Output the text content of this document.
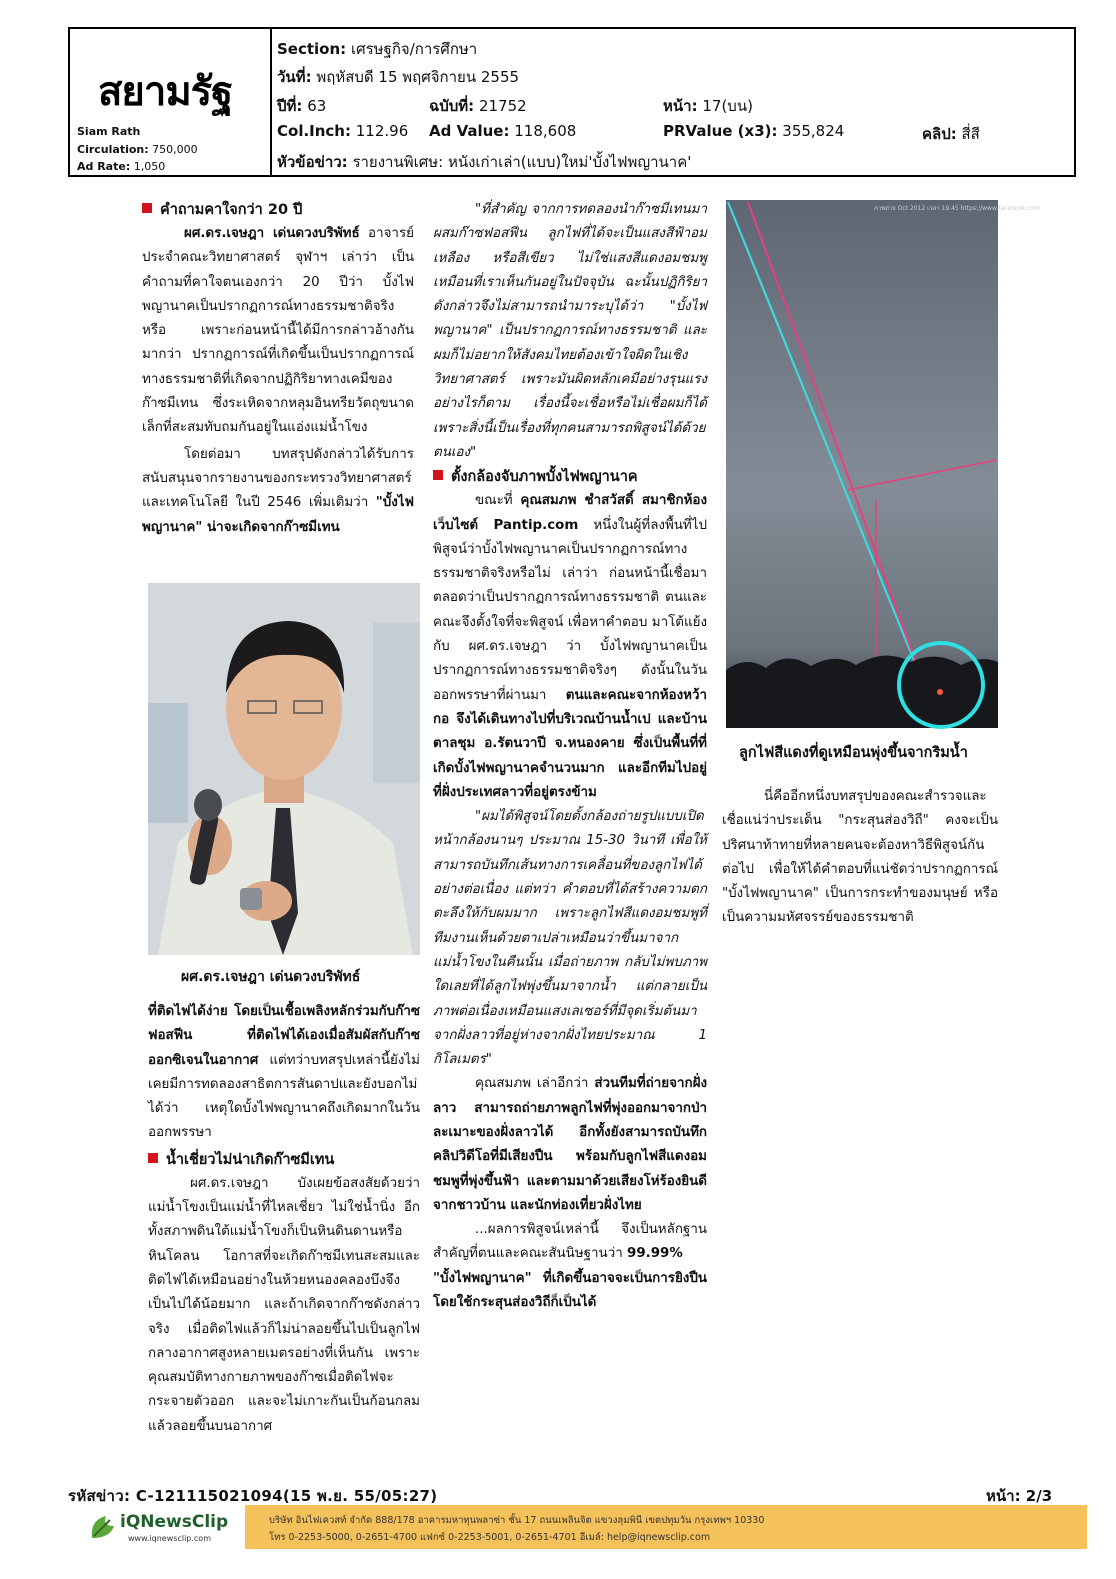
สยามรัฐ
Siam Rath
Circulation: 750,000
Ad Rate: 1,050
Section: เศรษฐกิจ/การศึกษา
วันที่: พฤหัสบดี 15 พฤศจิกายน 2555
ปีที่: 63	ฉบับที่: 21752	หน้า: 17(บน)
Col.Inch: 112.96 Ad Value: 118,608	PRValue (x3): 355,824	คลิป: สี่สี
หัวข้อข่าว: รายงานพิเศษ: หนังเก่าเล่า(แบบ)ใหม่'บั้งไฟพญานาค'

คำถามคาใจกว่า 20 ปี

ผศ.ดร.เจษฎา เด่นดวงบริพัทธ์ อาจารย์ประจำคณะวิทยาศาสตร์ จุฬาฯ เล่าว่า เป็นคำถามที่คาใจตนเองกว่า 20 ปีว่า บั้งไฟพญานาคเป็นปรากฏการณ์ทางธรรมชาติจริงหรือ เพราะก่อนหน้านี้ได้มีการกล่าวอ้างกันมากว่า ปรากฏการณ์ที่เกิดขึ้นเป็นปรากฏการณ์ทางธรรมชาติที่เกิดจากปฏิกิริยาทางเคมีของก๊าซมีเทน ซึ่งระเหิดจากหลุมอินทรียวัตถุขนาดเล็กที่สะสมทับถมกันอยู่ในแอ่งแม่น้ำโขง

โดยต่อมา บทสรุปดังกล่าวได้รับการสนับสนุนจากรายงานของกระทรวงวิทยาศาสตร์และเทคโนโลยี ในปี 2546 เพิ่มเติมว่า "บั้งไฟพญานาค" น่าจะเกิดจากก๊าซมีเทน

ผศ.ดร.เจษฎา เด่นดวงบริพัทธ์

ที่ติดไฟได้ง่าย โดยเป็นเชื้อเพลิงหลักร่วมกับก๊าซฟอสฟีน ที่ติดไฟได้เองเมื่อสัมผัสกับก๊าซออกซิเจนในอากาศ แต่ทว่าบทสรุปเหล่านี้ยังไม่เคยมีการทดลองสาธิตการสันดาปและยังบอกไม่ได้ว่า เหตุใดบั้งไฟพญานาคถึงเกิดมากในวันออกพรรษา

น้ำเชี่ยวไม่น่าเกิดก๊าซมีเทน

ผศ.ดร.เจษฎา บังเผยข้อสงสัยด้วยว่าแม่น้ำโขงเป็นแม่น้ำที่ไหลเชี่ยว ไม่ใช่น้ำนิ่ง อีกทั้งสภาพดินใต้แม่น้ำโขงก็เป็นหินดินดานหรือหินโคลน โอกาสที่จะเกิดก๊าซมีเทนสะสมและติดไฟได้เหมือนอย่างในห้วยหนองคลองบึงจึงเป็นไปได้น้อยมาก และถ้าเกิดจากก๊าซดังกล่าวจริง เมื่อติดไฟแล้วก็ไม่น่าลอยขึ้นไปเป็นลูกไฟกลางอากาศสูงหลายเมตรอย่างที่เห็นกัน เพราะคุณสมบัติทางกายภาพของก๊าซเมื่อติดไฟจะกระจายตัวออก และจะไม่เกาะกันเป็นก้อนกลมแล้วลอยขึ้นบนอากาศ

"ที่สำคัญ จากการทดลองนำก๊าซมีเทนมาผสมก๊าซฟอสฟีน ลูกไฟที่ได้จะเป็นแสงสีฟ้าอมเหลือง หรือสีเขียว ไม่ใช่แสงสีแดงอมชมพูเหมือนที่เราเห็นกันอยู่ในปัจจุบัน ฉะนั้นปฏิกิริยาดังกล่าวจึงไม่สามารถนำมาระบุได้ว่า "บั้งไฟพญานาค" เป็นปรากฏการณ์ทางธรรมชาติ และผมก็ไม่อยากให้สังคมไทยต้องเข้าใจผิดในเชิงวิทยาศาสตร์ เพราะมันผิดหลักเคมีอย่างรุนแรง อย่างไรก็ตาม เรื่องนี้จะเชื่อหรือไม่เชื่อผมก็ได้ เพราะสิ่งนี้เป็นเรื่องที่ทุกคนสามารถพิสูจน์ได้ด้วยตนเอง"

ตั้งกล้องจับภาพบั้งไฟพญานาค

ขณะที่ คุณสมภพ ชำสวัสดิ์ สมาชิกห้องเว็บไซต์ Pantip.com หนึ่งในผู้ที่ลงพื้นที่ไปพิสูจน์ว่าบั้งไฟพญานาคเป็นปรากฏการณ์ทางธรรมชาติจริงหรือไม่ เล่าว่า ก่อนหน้านี้เชื่อมาตลอดว่าเป็นปรากฏการณ์ทางธรรมชาติ ตนและคณะจึงตั้งใจที่จะพิสูจน์ เพื่อหาคำตอบ มาโต้แย้งกับ ผศ.ดร.เจษฎา ว่า บั้งไฟพญานาคเป็นปรากฏการณ์ทางธรรมชาติจริงๆ ดังนั้นในวันออกพรรษาที่ผ่านมา ตนและคณะจากห้องหว้ากอ จึงได้เดินทางไปที่บริเวณบ้านน้ำเป และบ้านตาลชุม อ.รัตนวาปี จ.หนองคาย ซึ่งเป็นพื้นที่ที่เกิดบั้งไฟพญานาคจำนวนมาก และอีกทีมไปอยู่ที่ฝั่งประเทศลาวที่อยู่ตรงข้าม

"ผมได้พิสูจน์โดยตั้งกล้องถ่ายรูปแบบเปิดหน้ากล้องนานๆ ประมาณ 15-30 วินาที เพื่อให้สามารถบันทึกเส้นทางการเคลื่อนที่ของลูกไฟได้อย่างต่อเนื่อง แต่ทว่า คำตอบที่ได้สร้างความตกตะลึงให้กับผมมาก เพราะลูกไฟสีแดงอมชมพูที่ทีมงานเห็นด้วยตาเปล่าเหมือนว่าขึ้นมาจากแม่น้ำโขงในคืนนั้น เมื่อถ่ายภาพ กลับไม่พบภาพใดเลยที่ได้ลูกไฟพุ่งขึ้นมาจากน้ำ แต่กลายเป็นภาพต่อเนื่องเหมือนแสงเลเซอร์ที่มีจุดเริ่มต้นมาจากฝั่งลาวที่อยู่ห่างจากฝั่งไทยประมาณ 1 กิโลเมตร"

คุณสมภพ เล่าอีกว่า ส่วนทีมที่ถ่ายจากฝั่งลาว สามารถถ่ายภาพลูกไฟที่พุ่งออกมาจากป่าละเมาะของฝั่งลาวได้ อีกทั้งยังสามารถบันทึกคลิปวิดีโอที่มีเสียงปืน พร้อมกับลูกไฟสีแดงอมชมพูที่พุ่งขึ้นฟ้า และตามมาด้วยเสียงโห่ร้องยินดีจากชาวบ้าน และนักท่องเที่ยวฝั่งไทย

...ผลการพิสูจน์เหล่านี้ จึงเป็นหลักฐานสำคัญที่ตนและคณะสันนิษฐานว่า 99.99%

"บั้งไฟพญานาค" ที่เกิดขึ้นอาจจะเป็นการยิงปืนโดยใช้กระสุนส่องวิถีก็เป็นได้

ภาพถ่าย Oct 2012 เวลา 19.45 https://www.facebook.com
ลูกไฟสีแดงที่ดูเหมือนพุ่งขึ้นจากริมน้ำ

นี่คืออีกหนึ่งบทสรุปของคณะสำรวจและเชื่อแน่ว่าประเด็น "กระสุนส่องวิถี" คงจะเป็นปริศนาท้าทายที่หลายคนจะต้องหาวิธีพิสูจน์กันต่อไป เพื่อให้ได้คำตอบที่แน่ชัดว่าปรากฏการณ์ "บั้งไฟพญานาค" เป็นการกระทำของมนุษย์ หรือเป็นความมหัศจรรย์ของธรรมชาติ

รหัสข่าว: C-121115021094(15 พ.ย. 55/05:27)	หน้า: 2/3
iQNewsClip
www.iqnewsclip.com
บริษัท อินไฟเควสท์ จำกัด 888/178 อาคารมหาทุนพลาซ่า ชั้น 17 ถนนเพลินจิต แขวงลุมพินี เขตปทุมวัน กรุงเทพฯ 10330
โทร 0-2253-5000, 0-2651-4700 แฟกซ์ 0-2253-5001, 0-2651-4701 อีเมล์: help@iqnewsclip.com
